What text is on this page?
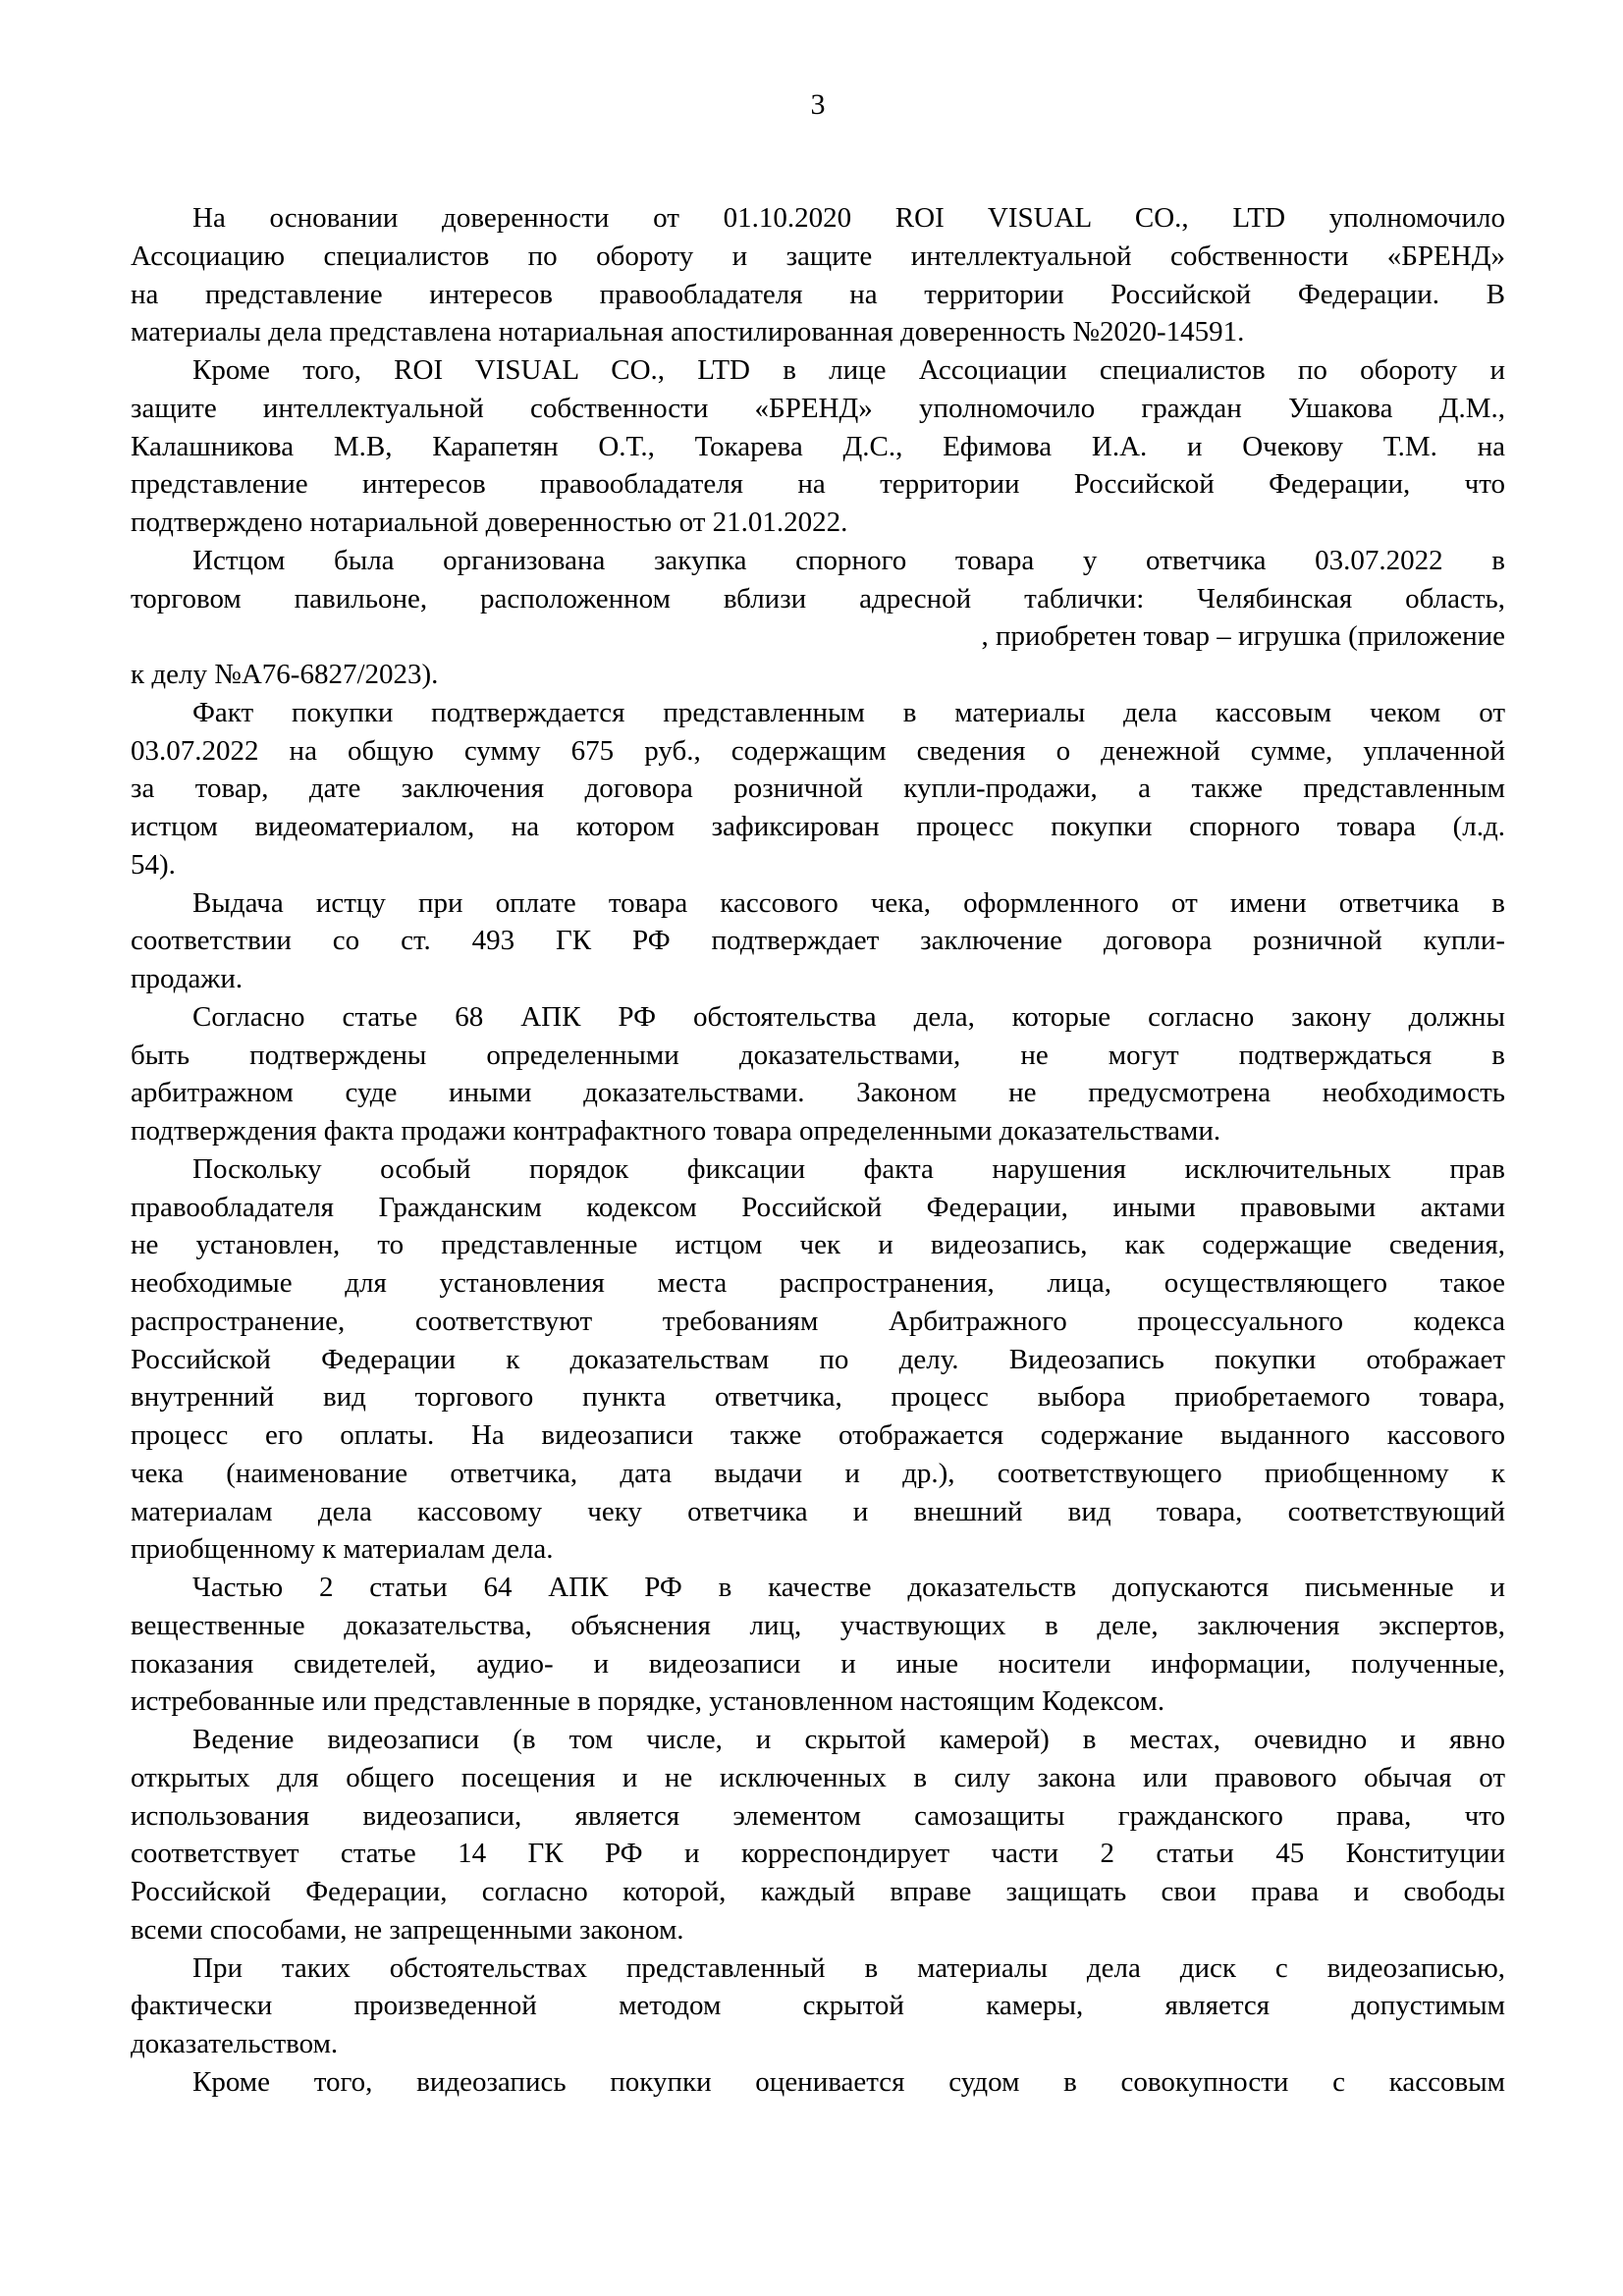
3
На основании доверенности от 01.10.2020 ROI VISUAL CO., LTD уполномочило
Ассоциацию специалистов по обороту и защите интеллектуальной собственности «БРЕНД»
на представление интересов правообладателя на территории Российской Федерации. В
материалы дела представлена нотариальная апостилированная доверенность №2020-14591.
Кроме того, ROI VISUAL CO., LTD в лице Ассоциации специалистов по обороту и
защите интеллектуальной собственности «БРЕНД» уполномочило граждан Ушакова Д.М.,
Калашникова М.В, Карапетян О.Т., Токарева Д.С., Ефимова И.А. и Очекову Т.М. на
представление интересов правообладателя на территории Российской Федерации, что
подтверждено нотариальной доверенностью от 21.01.2022.
Истцом была организована закупка спорного товара у ответчика 03.07.2022 в
торговом павильоне, расположенном вблизи адресной таблички: Челябинская область,
, приобретен товар – игрушка (приложение
к делу №А76-6827/2023).
Факт покупки подтверждается представленным в материалы дела кассовым чеком от
03.07.2022 на общую сумму 675 руб., содержащим сведения о денежной сумме, уплаченной
за товар, дате заключения договора розничной купли-продажи, а также представленным
истцом видеоматериалом, на котором зафиксирован процесс покупки спорного товара (л.д.
54).
Выдача истцу при оплате товара кассового чека, оформленного от имени ответчика в
соответствии со ст. 493 ГК РФ подтверждает заключение договора розничной купли-
продажи.
Согласно статье 68 АПК РФ обстоятельства дела, которые согласно закону должны
быть подтверждены определенными доказательствами, не могут подтверждаться в
арбитражном суде иными доказательствами. Законом не предусмотрена необходимость
подтверждения факта продажи контрафактного товара определенными доказательствами.
Поскольку особый порядок фиксации факта нарушения исключительных прав
правообладателя Гражданским кодексом Российской Федерации, иными правовыми актами
не установлен, то представленные истцом чек и видеозапись, как содержащие сведения,
необходимые для установления места распространения, лица, осуществляющего такое
распространение, соответствуют требованиям Арбитражного процессуального кодекса
Российской Федерации к доказательствам по делу. Видеозапись покупки отображает
внутренний вид торгового пункта ответчика, процесс выбора приобретаемого товара,
процесс его оплаты. На видеозаписи также отображается содержание выданного кассового
чека (наименование ответчика, дата выдачи и др.), соответствующего приобщенному к
материалам дела кассовому чеку ответчика и внешний вид товара, соответствующий
приобщенному к материалам дела.
Частью 2 статьи 64 АПК РФ в качестве доказательств допускаются письменные и
вещественные доказательства, объяснения лиц, участвующих в деле, заключения экспертов,
показания свидетелей, аудио- и видеозаписи и иные носители информации, полученные,
истребованные или представленные в порядке, установленном настоящим Кодексом.
Ведение видеозаписи (в том числе, и скрытой камерой) в местах, очевидно и явно
открытых для общего посещения и не исключенных в силу закона или правового обычая от
использования видеозаписи, является элементом самозащиты гражданского права, что
соответствует статье 14 ГК РФ и корреспондирует части 2 статьи 45 Конституции
Российской Федерации, согласно которой, каждый вправе защищать свои права и свободы
всеми способами, не запрещенными законом.
При таких обстоятельствах представленный в материалы дела диск с видеозаписью,
фактически произведенной методом скрытой камеры, является допустимым
доказательством.
Кроме того, видеозапись покупки оценивается судом в совокупности с кассовым
